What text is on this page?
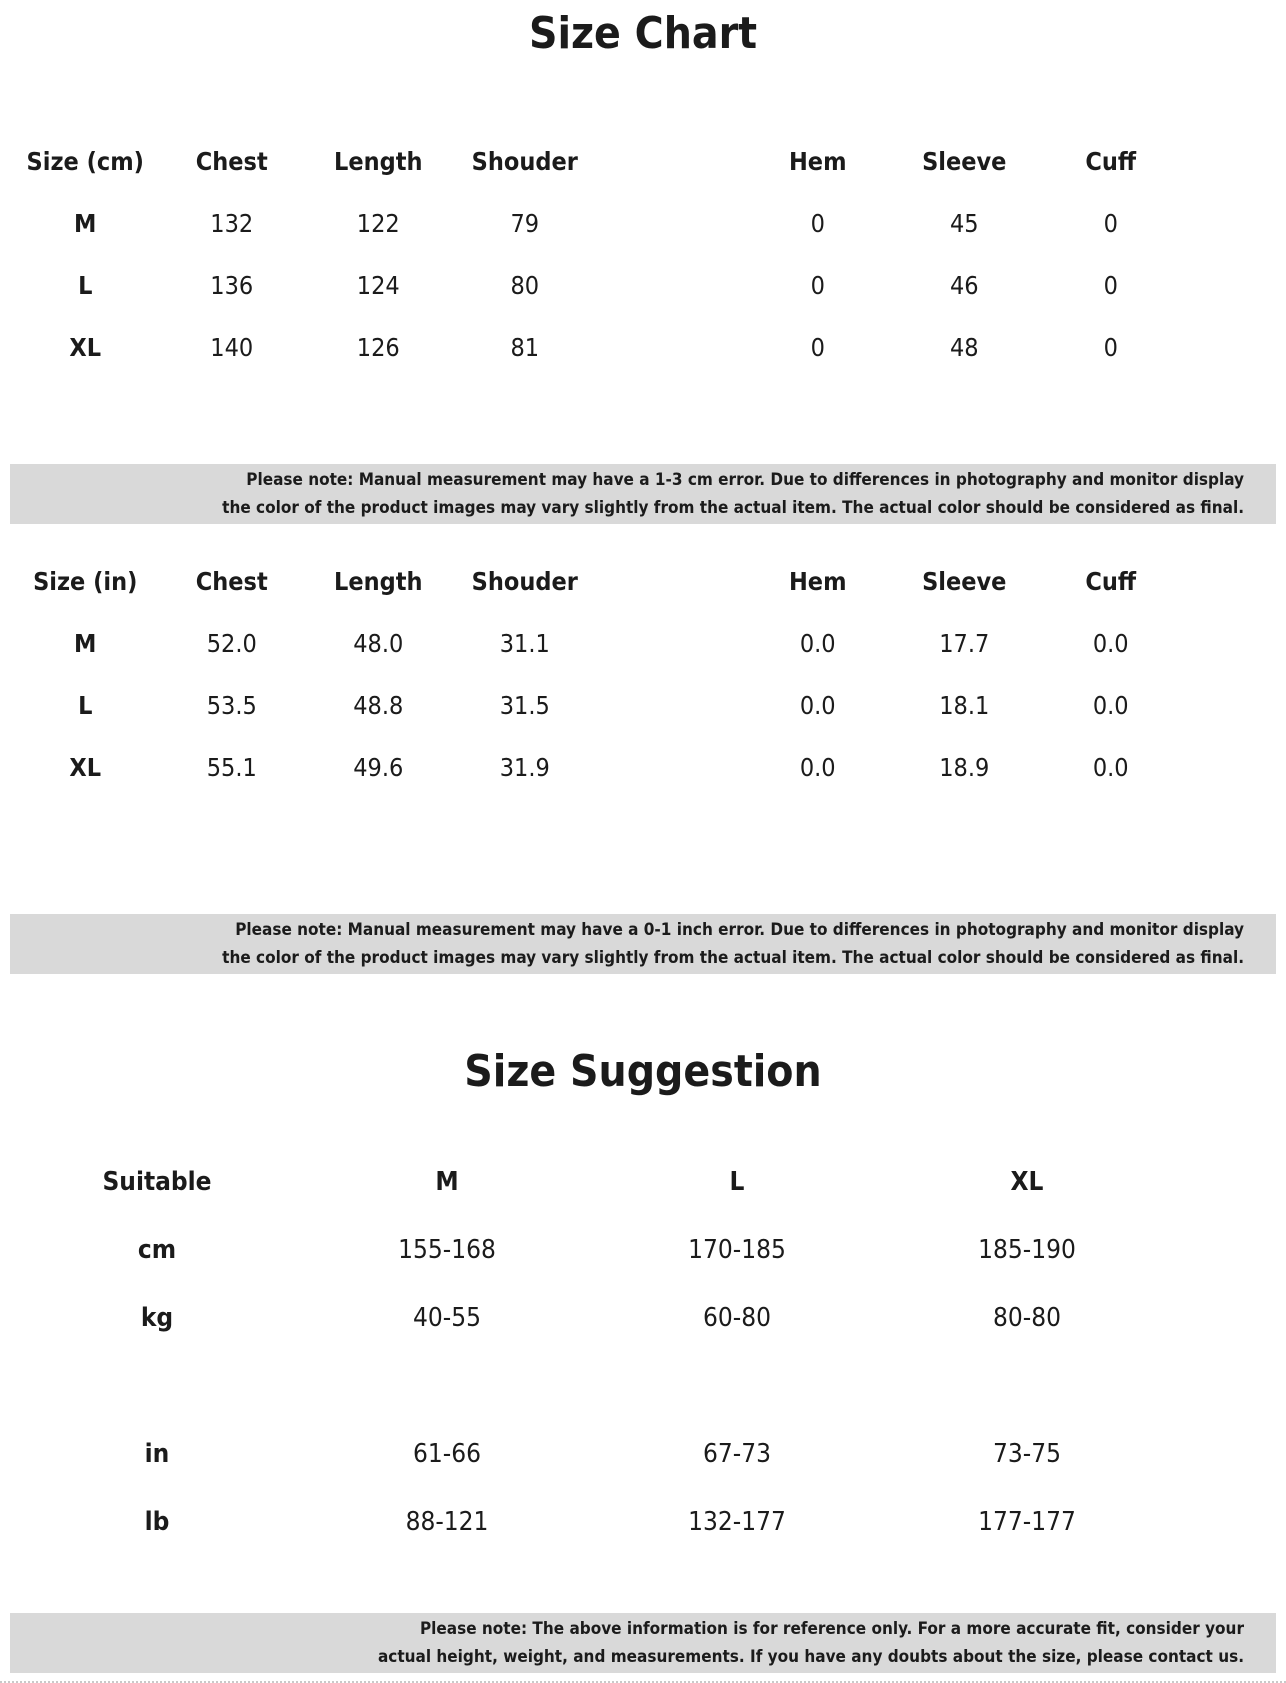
Size Chart
Size (cm)	Chest	Length	Shouder		Hem	Sleeve	Cuff
M	132	122	79		0	45	0
L	136	124	80		0	46	0
XL	140	126	81		0	48	0
Please note: Manual measurement may have a 1-3 cm error. Due to differences in photography and monitor display
the color of the product images may vary slightly from the actual item. The actual color should be considered as final.
Size (in)	Chest	Length	Shouder		Hem	Sleeve	Cuff
M	52.0	48.0	31.1		0.0	17.7	0.0
L	53.5	48.8	31.5		0.0	18.1	0.0
XL	55.1	49.6	31.9		0.0	18.9	0.0
Please note: Manual measurement may have a 0-1 inch error. Due to differences in photography and monitor display
the color of the product images may vary slightly from the actual item. The actual color should be considered as final.
Size Suggestion
Suitable	M	L	XL
cm	155-168	170-185	185-190
kg	40-55	60-80	80-80

in	61-66	67-73	73-75
lb	88-121	132-177	177-177
Please note: The above information is for reference only. For a more accurate fit, consider your
actual height, weight, and measurements. If you have any doubts about the size, please contact us.
